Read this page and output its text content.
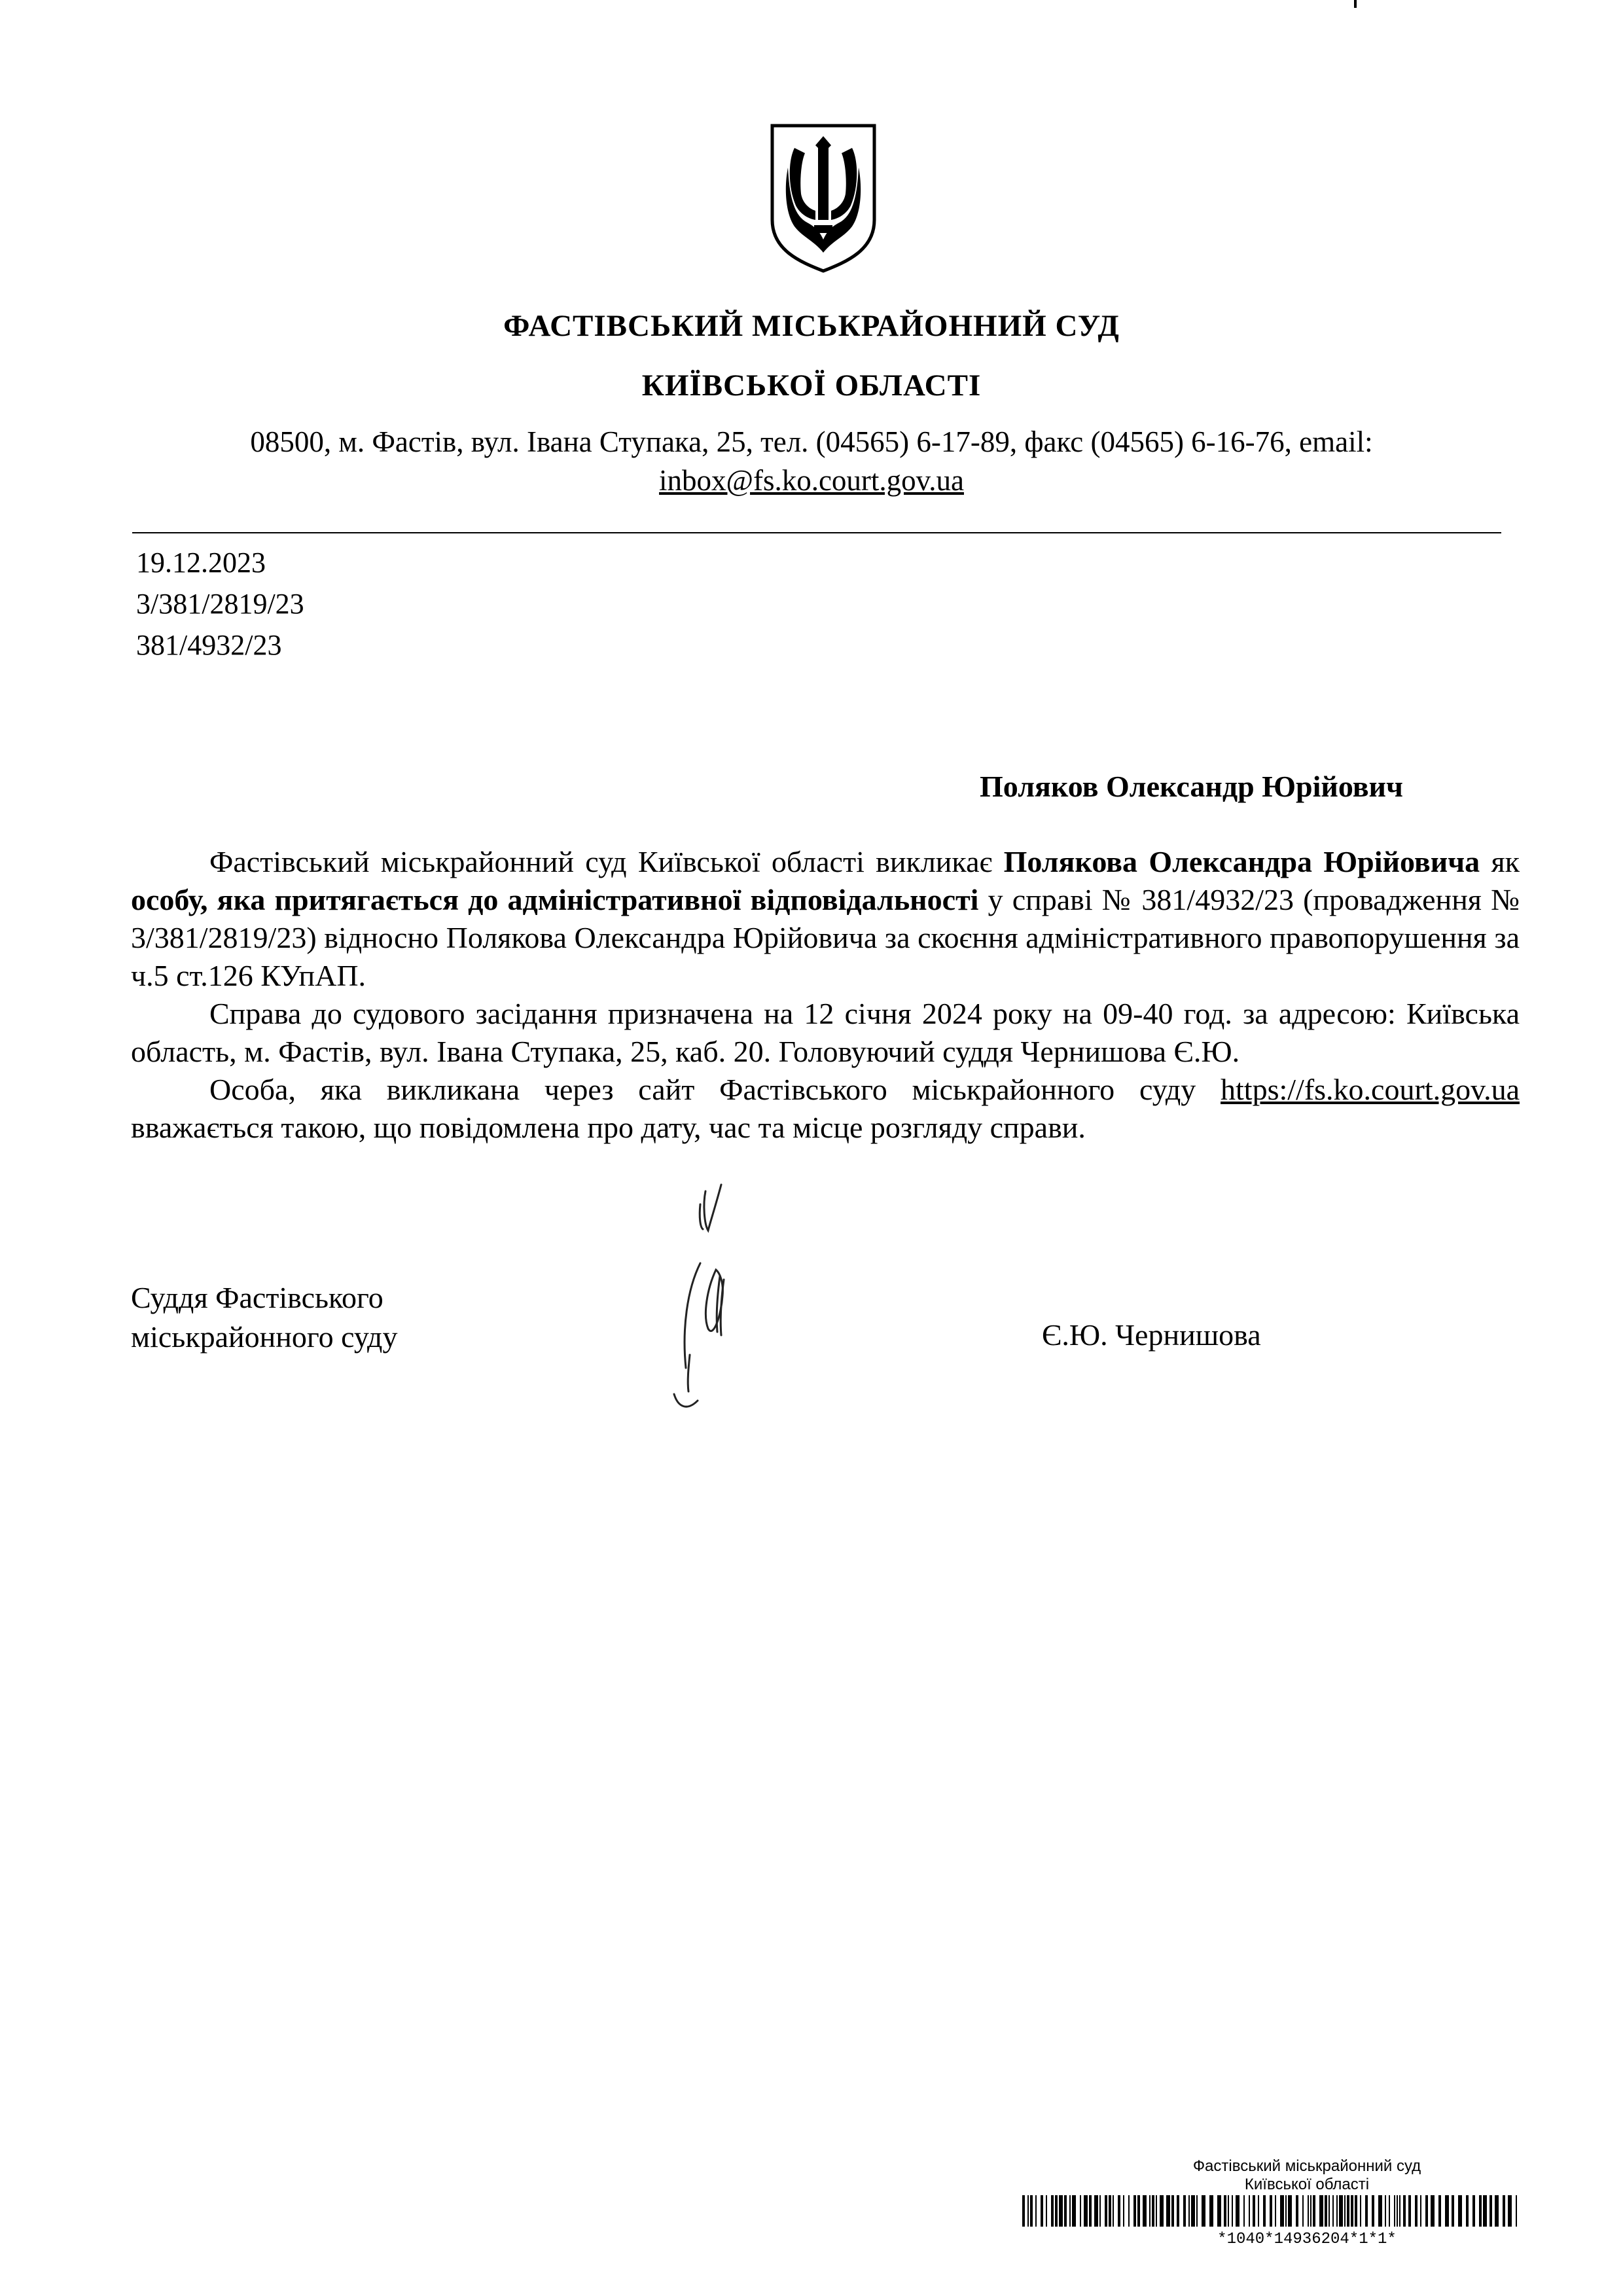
ФАСТІВСЬКИЙ МІСЬКРАЙОННИЙ СУД
КИЇВСЬКОЇ ОБЛАСТІ
08500, м. Фастів, вул. Івана Ступака, 25, тел. (04565) 6-17-89, факс (04565) 6-16-76, email:
inbox@fs.ko.court.gov.ua
19.12.2023
3/381/2819/23
381/4932/23
Поляков Олександр Юрійович

Фастівський міськрайонний суд Київської області викликає Полякова Олександра Юрійовича як особу, яка притягається до адміністративної відповідальності у справі № 381/4932/23 (провадження № 3/381/2819/23) відносно Полякова Олександра Юрійовича за скоєння адміністративного правопорушення за ч.5 ст.126 КУпАП.

Справа до судового засідання призначена на 12 січня 2024 року на 09-40 год. за адресою: Київська область, м. Фастів, вул. Івана Ступака, 25, каб. 20. Головуючий суддя Чернишова Є.Ю.

Особа, яка викликана через сайт Фастівського міськрайонного суду https://fs.ko.court.gov.ua вважається такою, що повідомлена про дату, час та місце розгляду справи.

Суддя Фастівського
міськрайонного суду	Є.Ю. Чернишова
Фастівський міськрайонний суд
Київської області
*1040*14936204*1*1*
